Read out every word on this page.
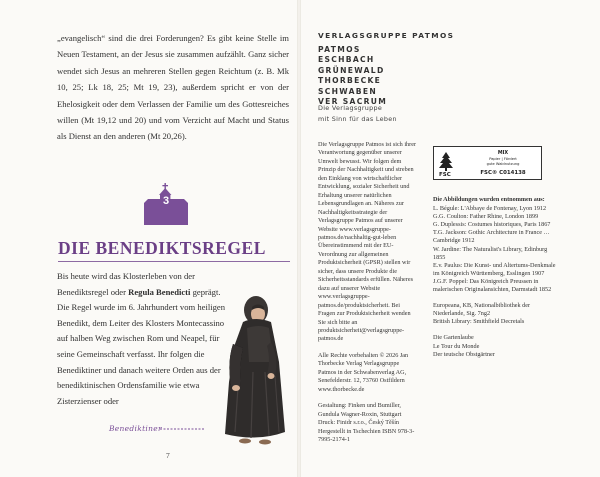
„evangelisch“ sind die drei Forderungen? Es gibt keine Stelle im Neuen Testament, an der Jesus sie zusammen aufzählt. Ganz sicher wendet sich Jesus an mehreren Stellen gegen Reichtum (z. B. Mk 10, 25; Lk 18, 25; Mt 19, 23), außerdem spricht er von der Ehelosigkeit oder dem Verlassen der Familie um des Gottesreiches willen (Mt 19,12 und 20) und vom Verzicht auf Macht und Status als Dienst an den anderen (Mt 20,26).

3
DIE BENEDIKTSREGEL

Bis heute wird das Klosterleben von der Benediktsregel oder Regula Benedicti geprägt. Die Regel wurde im 6. Jahrhundert vom heiligen Benedikt, dem Leiter des Klosters Montecassino auf halben Weg zwischen Rom und Neapel, für seine Gemeinschaft verfasst. Ihr folgen die Benediktiner und danach weitere Orden aus der benediktinischen Ordensfamilie wie etwa Zisterzienser oder

Benediktiner
7
VERLAGSGRUPPE PATMOS
PATMOS
ESCHBACH
GRÜNEWALD
THORBECKE
SCHWABEN
VER SACRUM
Die Verlagsgruppe
mit Sinn für das Leben

Die Verlagsgruppe Patmos ist sich ihrer Verantwortung gegenüber unserer Umwelt bewusst. Wir folgen dem Prinzip der Nachhaltigkeit und streben den Einklang von wirtschaftlicher Entwicklung, sozialer Sicherheit und Erhaltung unserer natürlichen Lebensgrundlagen an. Näheres zur Nachhaltigkeitsstrategie der Verlagsgruppe Patmos auf unserer Website www.verlagsgruppe-patmos.de/nachhaltig-gut-leben Übereinstimmend mit der EU-Verordnung zur allgemeinen Produktsicherheit (GPSR) stellen wir sicher, dass unsere Produkte die Sicherheitsstandards erfüllen. Näheres dazu auf unserer Website www.verlagsgruppe-patmos.de/produktsicherheit. Bei Fragen zur Produktsicherheit wenden Sie sich bitte an produktsicherheit@verlagsgruppe-patmos.de

Alle Rechte vorbehalten © 2026 Jan Thorbecke Verlag Verlagsgruppe Patmos in der Schwabenverlag AG, Senefelderstr. 12, 73760 Ostfildern www.thorbecke.de

Gestaltung: Finken und Bumiller, Gundula Wagner-Roxin, Stuttgart Druck: Finidr s.r.o., Český Těšín Hergestellt in Tschechien ISBN 978-3-7995-2174-1

FSC
MIX
Papier | Fördert
gute Waldnutzung
FSC® C014138
Die Abbildungen wurden entnommen aus:

L. Bégule: L'Abbaye de Fontenay, Lyon 1912

G.G. Coulton: Father Rhine, London 1899

G. Duplessis: Costumes historiques, Paris 1867

T.G. Jackson: Gothic Architecture in France … Cambridge 1912

W. Jardine: The Naturalist's Library, Edinburg 1855

E.v. Paulus: Die Kunst- und Altertums-Denkmale im Königreich Württemberg, Esslingen 1907

J.G.F. Poppel: Das Königreich Preussen in malerischen Originalansichten, Darmstadt 1852

Europeana, KB, Nationalbibliothek der Niederlande, Sig. 7ng2

British Library: Smithfield Decretals

Die Gartenlaube

Le Tour du Monde

Der teutsche Obstgärtner
